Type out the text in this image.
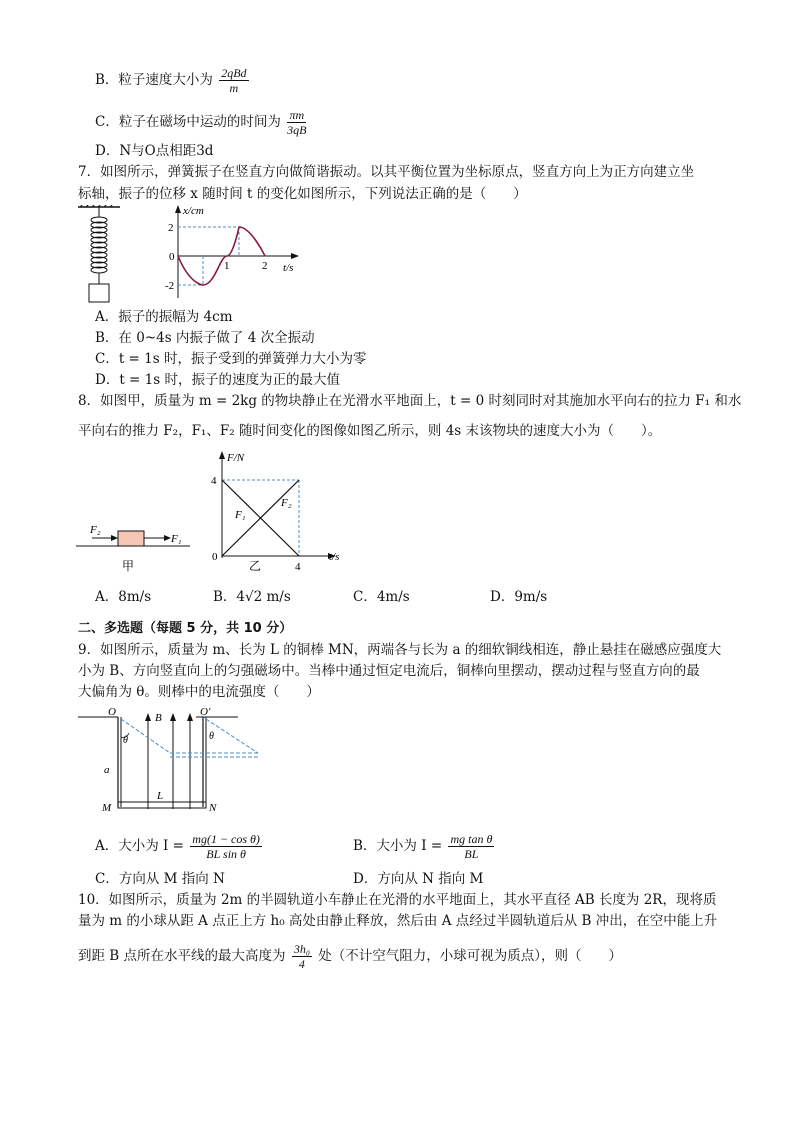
B．粒子速度大小为 $\frac{\text{2qBd}}{m}$
C．粒子在磁场中运动的时间为 $\frac{\pi m}{3qB}$
D．N与O点相距3d
7．如图所示，弹簧振子在竖直方向做简谐振动。以其平衡位置为坐标原点，竖直方向上为正方向建立坐
标轴，振子的位移 x 随时间 t 的变化如图所示，下列说法正确的是（　　）
x/cm
t/s
2
-2
0
1	2
A．振子的振幅为 4cm
B．在 0~4s 内振子做了 4 次全振动
C．t = 1s 时，振子受到的弹簧弹力大小为零
D．t = 1s 时，振子的速度为正的最大值
8．如图甲，质量为 m = 2kg 的物块静止在光滑水平地面上，t = 0 时刻同时对其施加水平向右的拉力 F₁ 和水
平向右的推力 F₂，F₁、F₂ 随时间变化的图像如图乙所示，则 4s 末该物块的速度大小为（　　）。
F₂
F₁
甲
F/N
t/s
4
0
4
F₁
F₂
乙
A．8m/s	B．4√2 m/s	C．4m/s	D．9m/s
二、多选题（每题 5 分，共 10 分）
9．如图所示，质量为 m、长为 L 的铜棒 MN，两端各与长为 a 的细软铜线相连，静止悬挂在磁感应强度大
小为 B、方向竖直向上的匀强磁场中。当棒中通过恒定电流后，铜棒向里摆动，摆动过程与竖直方向的最
大偏角为 θ。则棒中的电流强度（　　）
O	O′
B
θ	θ
a
L
M	N
A．大小为 $I = \frac{\text{mg(1 − cos θ)}}{\text{BL sin θ}}$	B．大小为 $I = \frac{\text{mg tan θ}}{BL}$
C．方向从 M 指向 N	D．方向从 N 指向 M
10．如图所示，质量为 2m 的半圆轨道小车静止在光滑的水平地面上，其水平直径 AB 长度为 2R，现将质
量为 m 的小球从距 A 点正上方 h₀ 高处由静止释放，然后由 A 点经过半圆轨道后从 B 冲出，在空中能上升
到距 B 点所在水平线的最大高度为 $\frac{\text{3h₀}}{4}$ 处（不计空气阻力，小球可视为质点），则（　　）
